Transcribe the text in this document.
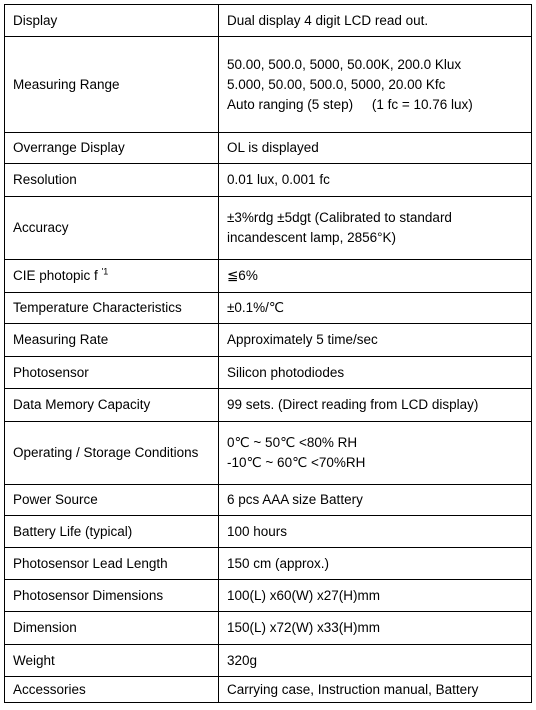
Display	Dual display 4 digit LCD read out.

Measuring Range	50.00, 500.0, 5000, 50.00K, 200.0 Klux
5.000, 50.00, 500.0, 5000, 20.00 Kfc
Auto ranging (5 step)     (1 fc = 10.76 lux)

Overrange Display	OL is displayed

Resolution	0.01 lux, 0.001 fc

Accuracy	±3%rdg ±5dgt (Calibrated to standard
incandescent lamp, 2856°K)

CIE photopic f $^{'1}$	≦6%

Temperature Characteristics	±0.1%/℃

Measuring Rate	Approximately 5 time/sec

Photosensor	Silicon photodiodes

Data Memory Capacity	99 sets. (Direct reading from LCD display)

Operating / Storage Conditions	0℃ ~ 50℃ <80% RH
-10℃ ~ 60℃ <70%RH

Power Source	6 pcs AAA size Battery

Battery Life (typical)	100 hours

Photosensor Lead Length	150 cm (approx.)

Photosensor Dimensions	100(L) x60(W) x27(H)mm

Dimension	150(L) x72(W) x33(H)mm

Weight	320g

Accessories	Carrying case, Instruction manual, Battery
